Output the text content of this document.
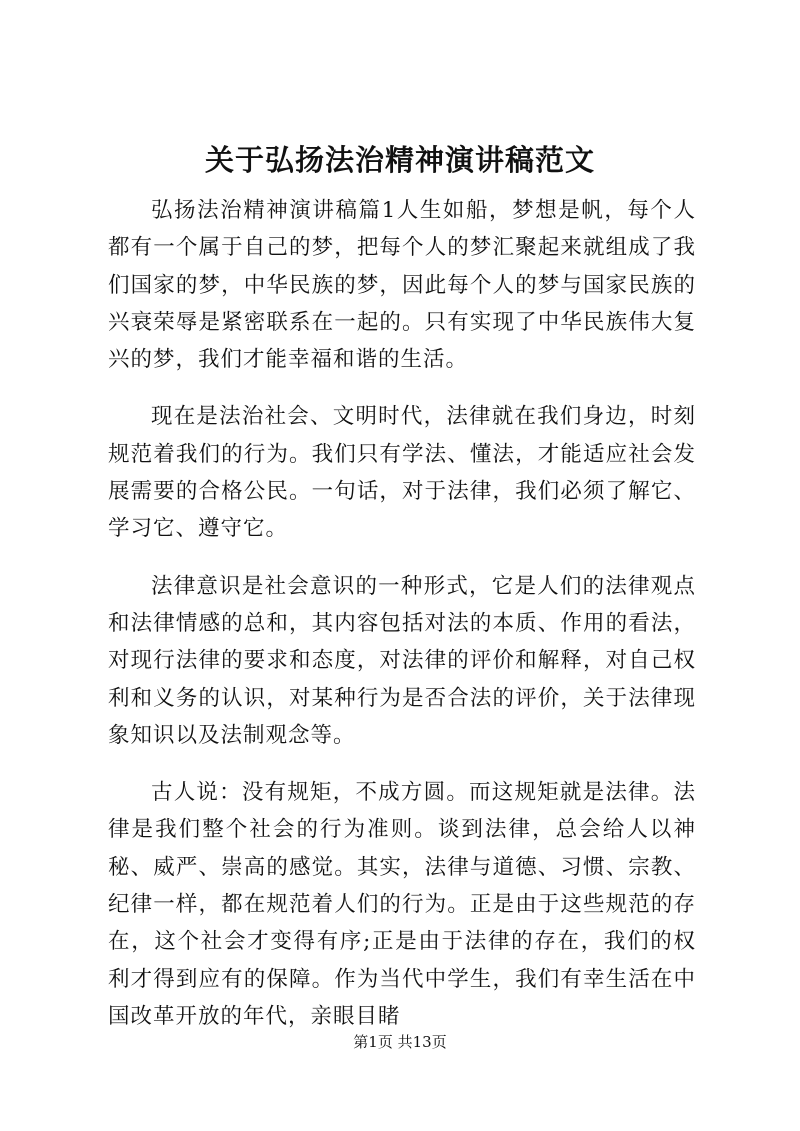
关于弘扬法治精神演讲稿范文

弘扬法治精神演讲稿篇1人生如船，梦想是帆，每个人都有一个属于自己的梦，把每个人的梦汇聚起来就组成了我们国家的梦，中华民族的梦，因此每个人的梦与国家民族的兴衰荣辱是紧密联系在一起的。只有实现了中华民族伟大复兴的梦，我们才能幸福和谐的生活。

现在是法治社会、文明时代，法律就在我们身边，时刻规范着我们的行为。我们只有学法、懂法，才能适应社会发展需要的合格公民。一句话，对于法律，我们必须了解它、学习它、遵守它。

法律意识是社会意识的一种形式，它是人们的法律观点和法律情感的总和，其内容包括对法的本质、作用的看法，对现行法律的要求和态度，对法律的评价和解释，对自己权利和义务的认识，对某种行为是否合法的评价，关于法律现象知识以及法制观念等。

古人说：没有规矩，不成方圆。而这规矩就是法律。法律是我们整个社会的行为准则。谈到法律，总会给人以神秘、威严、崇高的感觉。其实，法律与道德、习惯、宗教、纪律一样，都在规范着人们的行为。正是由于这些规范的存在，这个社会才变得有序;正是由于法律的存在，我们的权利才得到应有的保障。作为当代中学生，我们有幸生活在中国改革开放的年代，亲眼目睹

第1页 共13页
